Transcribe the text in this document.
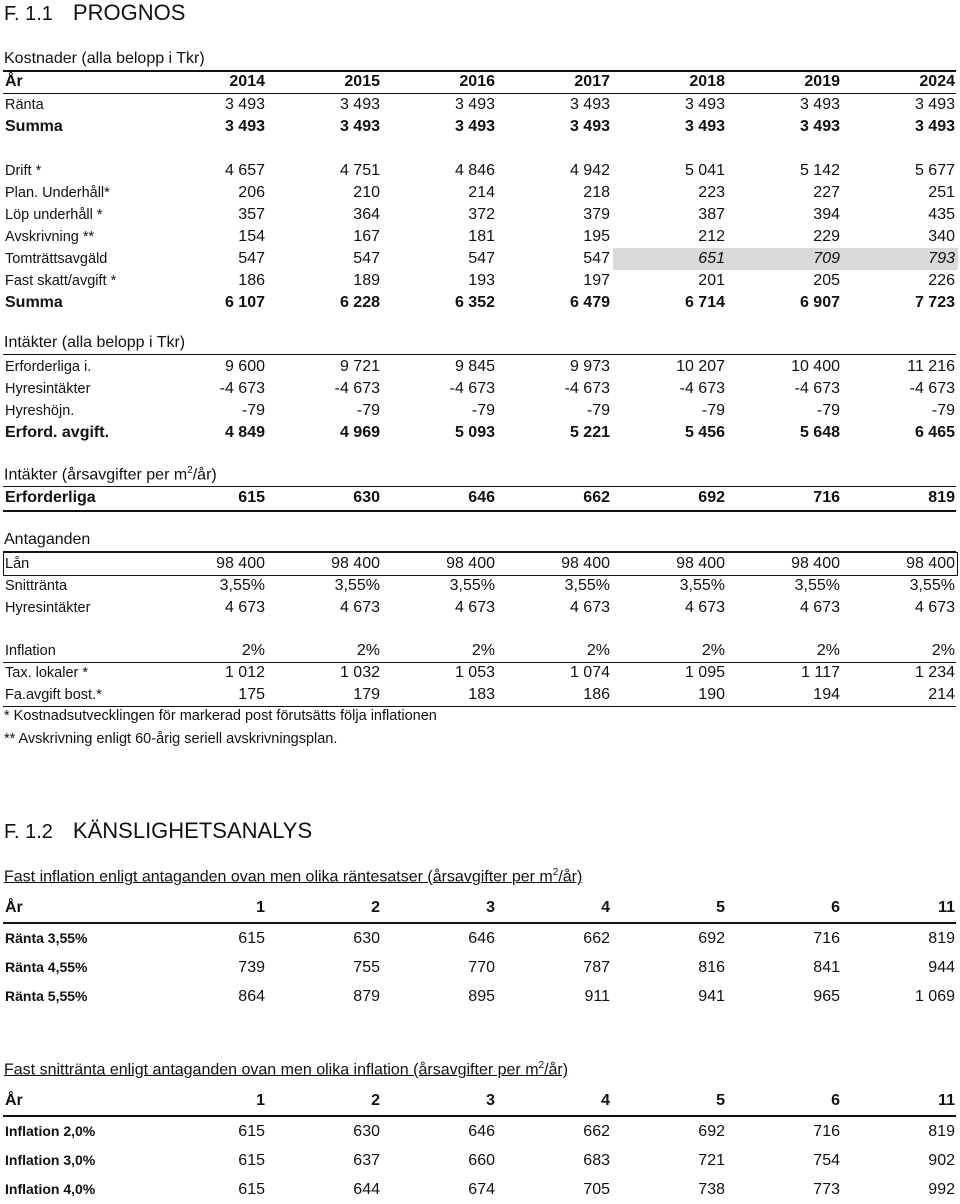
F. 1.1 PROGNOS
Kostnader (alla belopp i Tkr)
År	2014	2015	2016	2017	2018	2019	2024
Ränta	3 493	3 493	3 493	3 493	3 493	3 493	3 493
Summa	3 493	3 493	3 493	3 493	3 493	3 493	3 493
Drift *	4 657	4 751	4 846	4 942	5 041	5 142	5 677
Plan. Underhåll*	206	210	214	218	223	227	251
Löp underhåll *	357	364	372	379	387	394	435
Avskrivning **	154	167	181	195	212	229	340
Tomträttsavgäld	547	547	547	547	651	709	793
Fast skatt/avgift *	186	189	193	197	201	205	226
Summa	6 107	6 228	6 352	6 479	6 714	6 907	7 723
Intäkter (alla belopp i Tkr)
Erforderliga i.	9 600	9 721	9 845	9 973	10 207	10 400	11 216
Hyresintäkter	-4 673	-4 673	-4 673	-4 673	-4 673	-4 673	-4 673
Hyreshöjn.	-79	-79	-79	-79	-79	-79	-79
Erford. avgift.	4 849	4 969	5 093	5 221	5 456	5 648	6 465
Intäkter (årsavgifter per $m^2/år$)
Erforderliga	615	630	646	662	692	716	819
Antaganden
Lån	98 400	98 400	98 400	98 400	98 400	98 400	98 400
Snittränta	3,55%	3,55%	3,55%	3,55%	3,55%	3,55%	3,55%
Hyresintäkter	4 673	4 673	4 673	4 673	4 673	4 673	4 673
Inflation	2%	2%	2%	2%	2%	2%	2%
Tax. lokaler *	1 012	1 032	1 053	1 074	1 095	1 117	1 234
Fa.avgift bost.*	175	179	183	186	190	194	214
* Kostnadsutvecklingen för markerad post förutsätts följa inflationen
** Avskrivning enligt 60-årig seriell avskrivningsplan.
F. 1.2 KÄNSLIGHETSANALYS
Fast inflation enligt antaganden ovan men olika räntesatser (årsavgifter per $m^2/år$)
År	1	2	3	4	5	6	11
Ränta 3,55%	615	630	646	662	692	716	819
Ränta 4,55%	739	755	770	787	816	841	944
Ränta 5,55%	864	879	895	911	941	965	1 069
Fast snittränta enligt antaganden ovan men olika inflation (årsavgifter per $m^2/år$)
År	1	2	3	4	5	6	11
Inflation 2,0%	615	630	646	662	692	716	819
Inflation 3,0%	615	637	660	683	721	754	902
Inflation 4,0%	615	644	674	705	738	773	992
